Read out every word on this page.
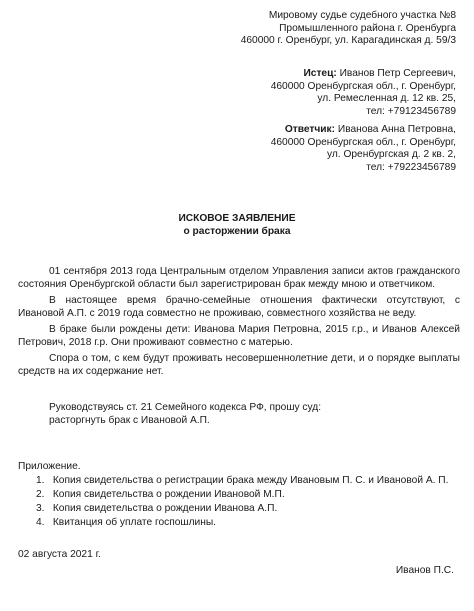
Мировому судье судебного участка №8
Промышленного района г. Оренбурга
460000 г. Оренбург, ул. Карагадинская д. 59/3
Истец: Иванов Петр Сергеевич,
460000 Оренбургская обл., г. Оренбург,
ул. Ремесленная д. 12 кв. 25,
тел: +79123456789
Ответчик: Иванова Анна Петровна,
460000 Оренбургская обл., г. Оренбург,
ул. Оренбургская д. 2 кв. 2,
тел: +79223456789
ИСКОВОЕ ЗАЯВЛЕНИЕ
о расторжении брака
01 сентября 2013 года Центральным отделом Управления записи актов гражданского состояния Оренбургской области был зарегистрирован брак между мною и ответчиком.
В настоящее время брачно-семейные отношения фактически отсутствуют, с Ивановой А.П. с 2019 года совместно не проживаю, совместного хозяйства не веду.
В браке были рождены дети: Иванова Мария Петровна, 2015 г.р., и Иванов Алексей Петрович, 2018 г.р. Они проживают совместно с матерью.
Спора о том, с кем будут проживать несовершеннолетние дети, и о порядке выплаты средств на их содержание нет.
Руководствуясь ст. 21 Семейного кодекса РФ, прошу суд:
расторгнуть брак с Ивановой А.П.
Приложение.
1. Копия свидетельства о регистрации брака между Ивановым П. С. и Ивановой А. П.
2. Копия свидетельства о рождении Ивановой М.П.
3. Копия свидетельства о рождении Иванова А.П.
4. Квитанция об уплате госпошлины.
02 августа 2021 г.
Иванов П.С.
